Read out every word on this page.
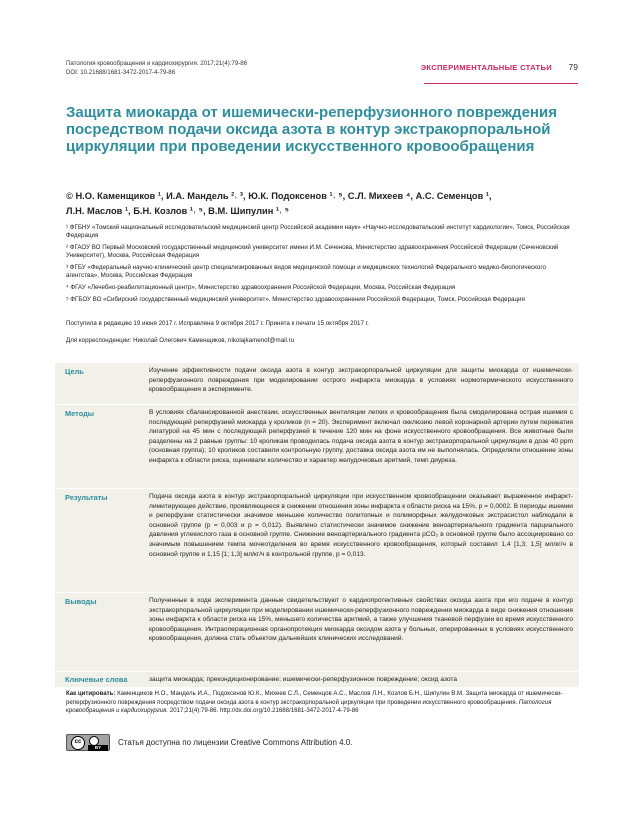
Патология кровообращения и кардиохирургия. 2017;21(4):79-86
DOI: 10.21688/1681-3472-2017-4-79-86
ЭКСПЕРИМЕНТАЛЬНЫЕ СТАТЬИ 79
Защита миокарда от ишемически-реперфузионного повреждения посредством подачи оксида азота в контур экстракорпоральной циркуляции при проведении искусственного кровообращения
© Н.О. Каменщиков ¹, И.А. Мандель ²˒ ³, Ю.К. Подоксенов ¹˒ ⁵, С.Л. Михеев ⁴, А.С. Семенцов ¹,
Л.Н. Маслов ¹, Б.Н. Козлов ¹˒ ⁵, В.М. Шипулин ¹˒ ⁵
¹ ФГБНУ «Томский национальный исследовательский медицинский центр Российской академии наук» «Научно-исследовательский институт кардиологии», Томск, Российская Федерация
² ФГАОУ ВО Первый Московский государственный медицинский университет имени И.М. Сеченова, Министерство здравоохранения Российской Федерации (Сеченовский Университет), Москва, Российская Федерация
³ ФГБУ «Федеральный научно-клинический центр специализированных видов медицинской помощи и медицинских технологий Федерального медико-биологического агентства», Москва, Российская Федерация
⁴ ФГАУ «Лечебно-реабилитационный центр», Министерство здравоохранения Российской Федерации, Москва, Российская Федерация
⁵ ФГБОУ ВО «Сибирский государственный медицинский университет», Министерство здравоохранения Российской Федерации, Томск, Российская Федерация
Поступила в редакцию 19 июня 2017 г. Исправлена 9 октября 2017 г. Принята к печати 15 октября 2017 г.
Для корреспонденции: Николай Олегович Каменщиков, nikolajkamenof@mail.ru
Цель	Изучение эффективности подачи оксида азота в контур экстракорпоральной циркуляции для защиты миокарда от ишемически-реперфузионного повреждения при моделировании острого инфаркта миокарда в условиях нормотермического искусственного кровообращения в эксперименте.
Методы	В условиях сбалансированной анестезии, искусственных вентиляции легких и кровообращения была смоделирована острая ишемия с последующей реперфузией миокарда у кроликов (n = 20). Эксперимент включал окклюзию левой коронарной артерии путем пережатия лигатурой на 45 мин с последующей реперфузией в течение 120 мин на фоне искусственного кровообращения. Все животные были разделены на 2 равные группы: 10 кроликам проводилась подача оксида азота в контур экстракорпоральной циркуляции в дозе 40 ppm (основная группа); 10 кроликов составили контрольную группу, доставка оксида азота им не выполнялась. Определяли отношение зоны инфаркта к области риска, оценивали количество и характер желудочковых аритмий, темп диуреза.
Результаты	Подача оксида азота в контур экстракорпоральной циркуляции при искусственном кровообращении оказывает выраженное инфаркт-лимитирующее действие, проявляющееся в снижении отношения зоны инфаркта к области риска на 15%, p = 0,0002. В периоды ишемии и реперфузии статистически значимое меньшее количество политопных и полиморфных желудочковых экстрасистол наблюдали в основной группе (p = 0,003 и p = 0,012). Выявлено статистически значимое снижение веноартериального градиента парциального давления углекислого газа в основной группе. Снижение веноартериального градиента pCO₂ в основной группе было ассоциировано со значимым повышением темпа мочеотделения во время искусственного кровообращения, который составил 1,4 [1,3; 1,5] мл/кг/ч в основной группе и 1,15 [1; 1,3] мл/кг/ч в контрольной группе, p = 0,013.
Выводы	Полученные в ходе эксперимента данные свидетельствуют о кардиопротективных свойствах оксида азота при его подаче в контур экстракорпоральной циркуляции при моделировании ишемически-реперфузионного повреждения миокарда в виде снижения отношения зоны инфаркта к области риска на 15%, меньшего количества аритмий, а также улучшения тканевой перфузии во время искусственного кровообращения. Интраоперационная органопротекция миокарда оксидом азота у больных, оперированных в условиях искусственного кровообращения, должна стать объектом дальнейших клинических исследований.
Ключевые слова	защита миокарда; прекондиционирование; ишемически-реперфузионное повреждение; оксид азота
Как цитировать: Каменщиков Н.О., Мандель И.А., Подоксенов Ю.К., Михеев С.Л., Семенцов А.С., Маслов Л.Н., Козлов Б.Н., Шипулин В.М. Защита миокарда от ишемически-реперфузионного повреждения посредством подачи оксида азота в контур экстракорпоральной циркуляции при проведении искусственного кровообращения. Патология кровообращения и кардиохирургия. 2017;21(4):79-86. http://dx.doi.org/10.21688/1681-3472-2017-4-79-86
cc
BY
Статья доступна по лицензии Creative Commons Attribution 4.0.
